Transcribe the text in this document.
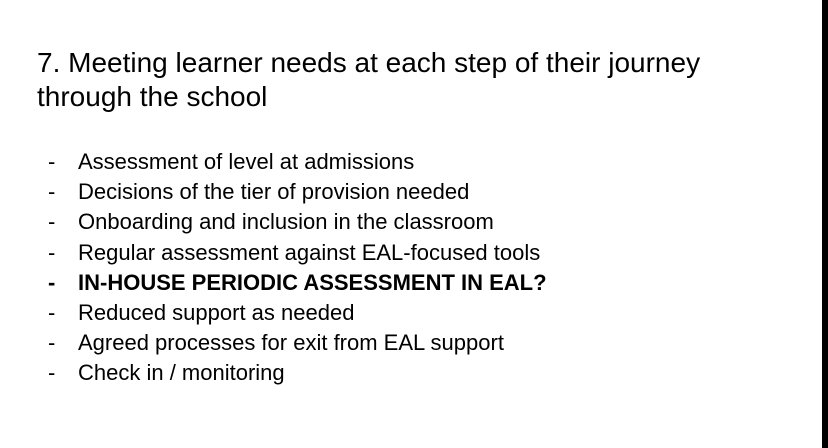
7. Meeting learner needs at each step of their journey through the school
- Assessment of level at admissions
- Decisions of the tier of provision needed
- Onboarding and inclusion in the classroom
- Regular assessment against EAL-focused tools
- IN-HOUSE PERIODIC ASSESSMENT IN EAL?
- Reduced support as needed
- Agreed processes for exit from EAL support
- Check in / monitoring
